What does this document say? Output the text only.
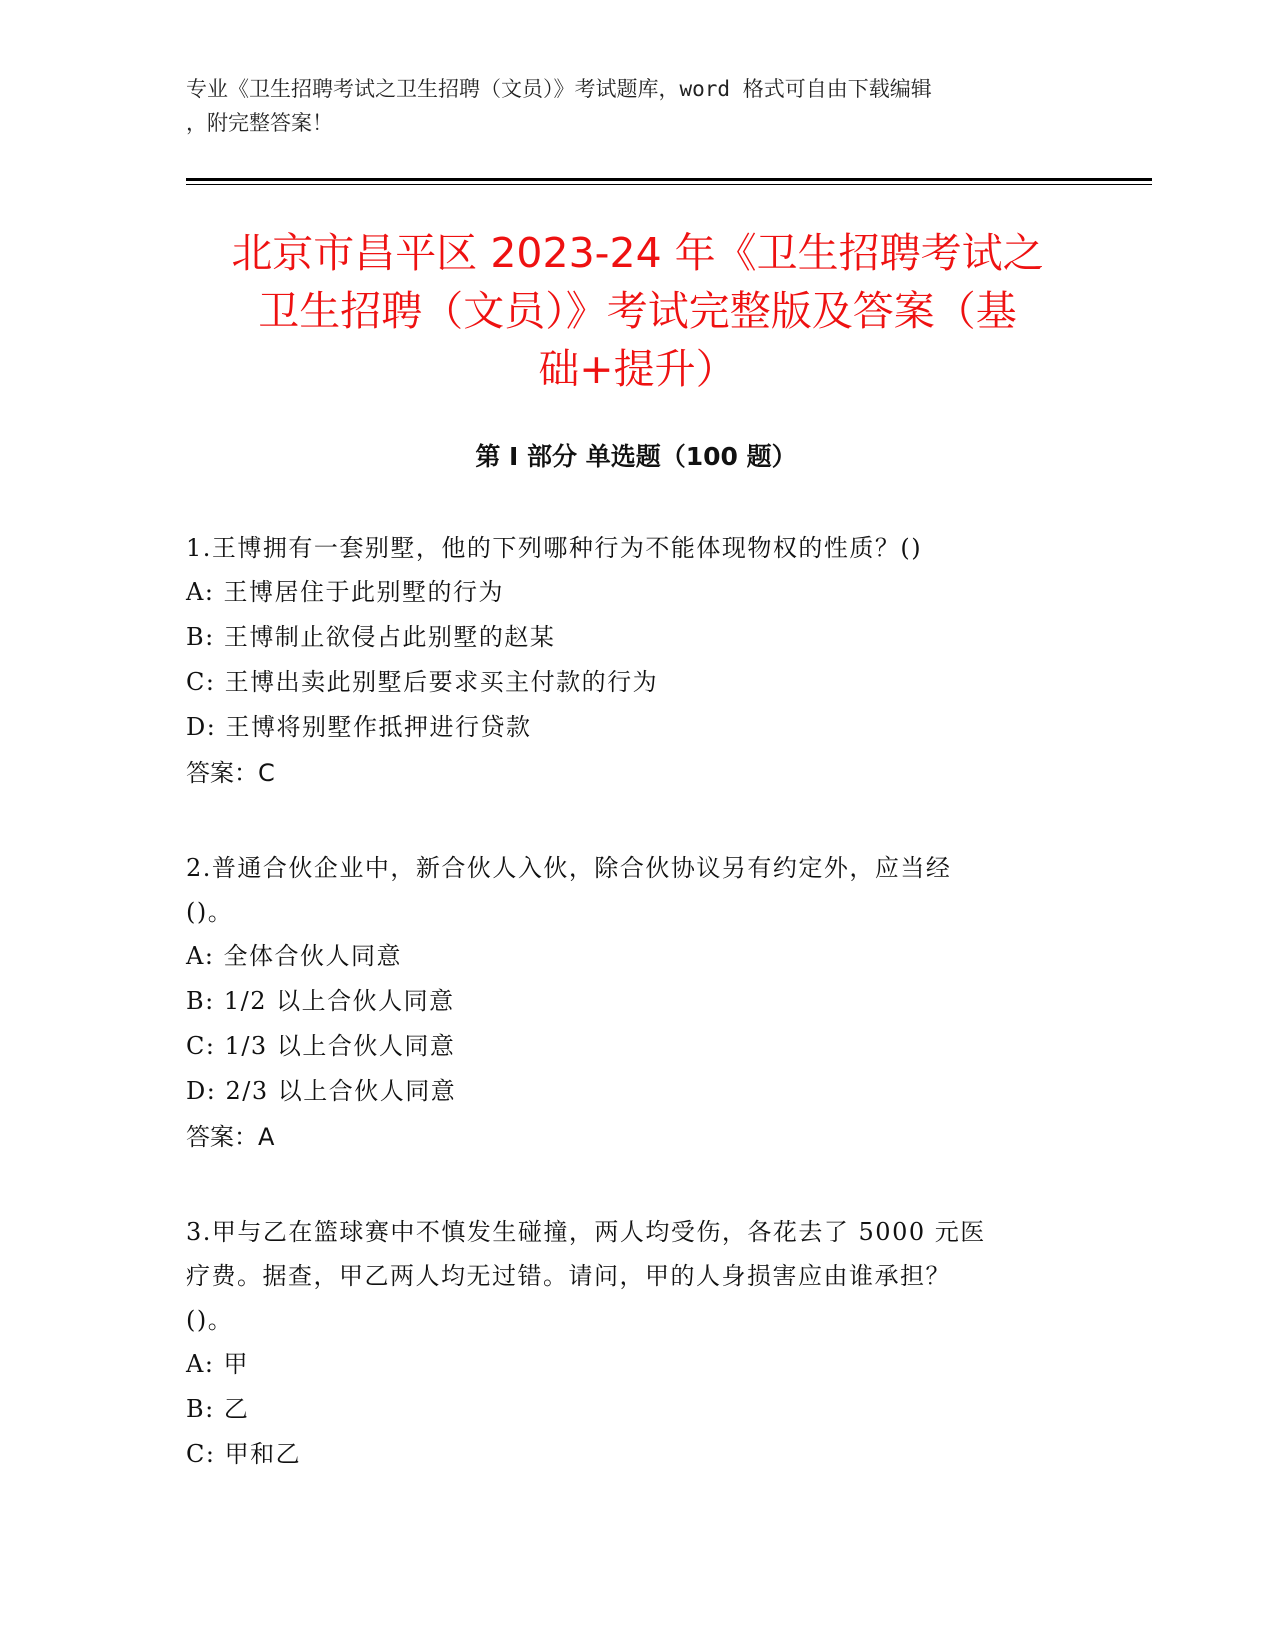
专业《卫生招聘考试之卫生招聘（文员）》考试题库，word 格式可自由下载编辑
，附完整答案！
北京市昌平区 2023-24 年《卫生招聘考试之
卫生招聘（文员）》考试完整版及答案（基
础+提升）
第 I 部分 单选题（100 题）

1.王博拥有一套别墅，他的下列哪种行为不能体现物权的性质？()

A: 王博居住于此别墅的行为

B: 王博制止欲侵占此别墅的赵某

C: 王博出卖此别墅后要求买主付款的行为

D: 王博将别墅作抵押进行贷款

答案：C

2.普通合伙企业中，新合伙人入伙，除合伙协议另有约定外，应当经

()。

A: 全体合伙人同意

B: 1/2 以上合伙人同意

C: 1/3 以上合伙人同意

D: 2/3 以上合伙人同意

答案：A

3.甲与乙在篮球赛中不慎发生碰撞，两人均受伤，各花去了 5000 元医

疗费。据查，甲乙两人均无过错。请问，甲的人身损害应由谁承担？

()。

A: 甲

B: 乙

C: 甲和乙
